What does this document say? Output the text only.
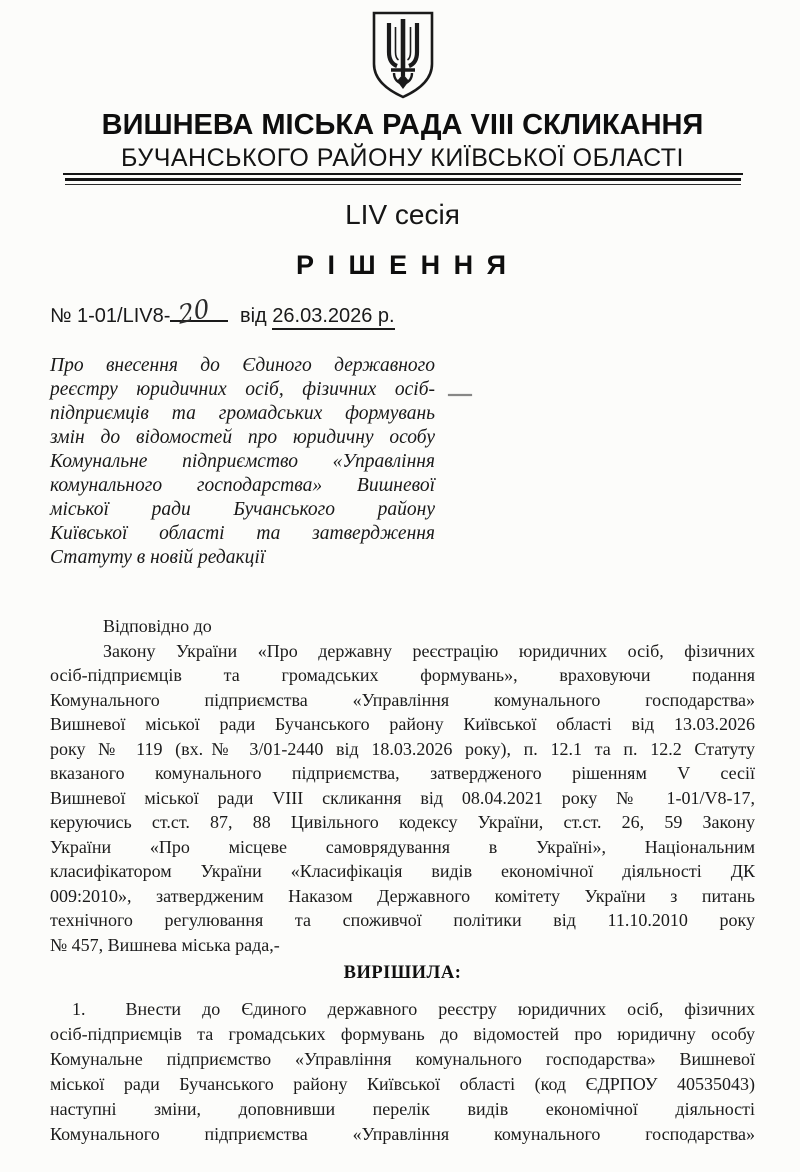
ВИШНЕВА МІСЬКА РАДА VIII СКЛИКАННЯ
БУЧАНСЬКОГО РАЙОНУ КИЇВСЬКОЇ ОБЛАСТІ
LIV сесія
Р І Ш Е Н Н Я
№ 1-01/LIV8- 20 від 26.03.2026 р.
Про внесення до Єдиного державного
реєстру юридичних осіб, фізичних осіб-
підприємців та громадських формувань
змін до відомостей про юридичну особу
Комунальне підприємство «Управління
комунального господарства» Вишневої
міської ради Бучанського району
Київської області та затвердження
Статуту в новій редакції
Відповідно до
Закону України «Про державну реєстрацію юридичних осіб, фізичних
осіб-підприємців та громадських формувань», враховуючи подання
Комунального підприємства «Управління комунального господарства»
Вишневої міської ради Бучанського району Київської області від 13.03.2026
року № 119 (вх.№ 3/01-2440 від 18.03.2026 року), п. 12.1 та п. 12.2 Статуту
вказаного комунального підприємства, затвердженого рішенням V сесії
Вишневої міської ради VIII скликання від 08.04.2021 року № 1-01/V8-17,
керуючись ст.ст. 87, 88 Цивільного кодексу України, ст.ст. 26, 59 Закону
України «Про місцеве самоврядування в Україні», Національним
класифікатором України «Класифікація видів економічної діяльності ДК
009:2010», затвердженим Наказом Державного комітету України з питань
технічного регулювання та споживчої політики від 11.10.2010 року
№ 457, Вишнева міська рада,-
ВИРІШИЛА:
1. Внести до Єдиного державного реєстру юридичних осіб, фізичних
осіб-підприємців та громадських формувань до відомостей про юридичну особу
Комунальне підприємство «Управління комунального господарства» Вишневої
міської ради Бучанського району Київської області (код ЄДРПОУ 40535043)
наступні зміни, доповнивши перелік видів економічної діяльності
Комунального підприємства «Управління комунального господарства»
